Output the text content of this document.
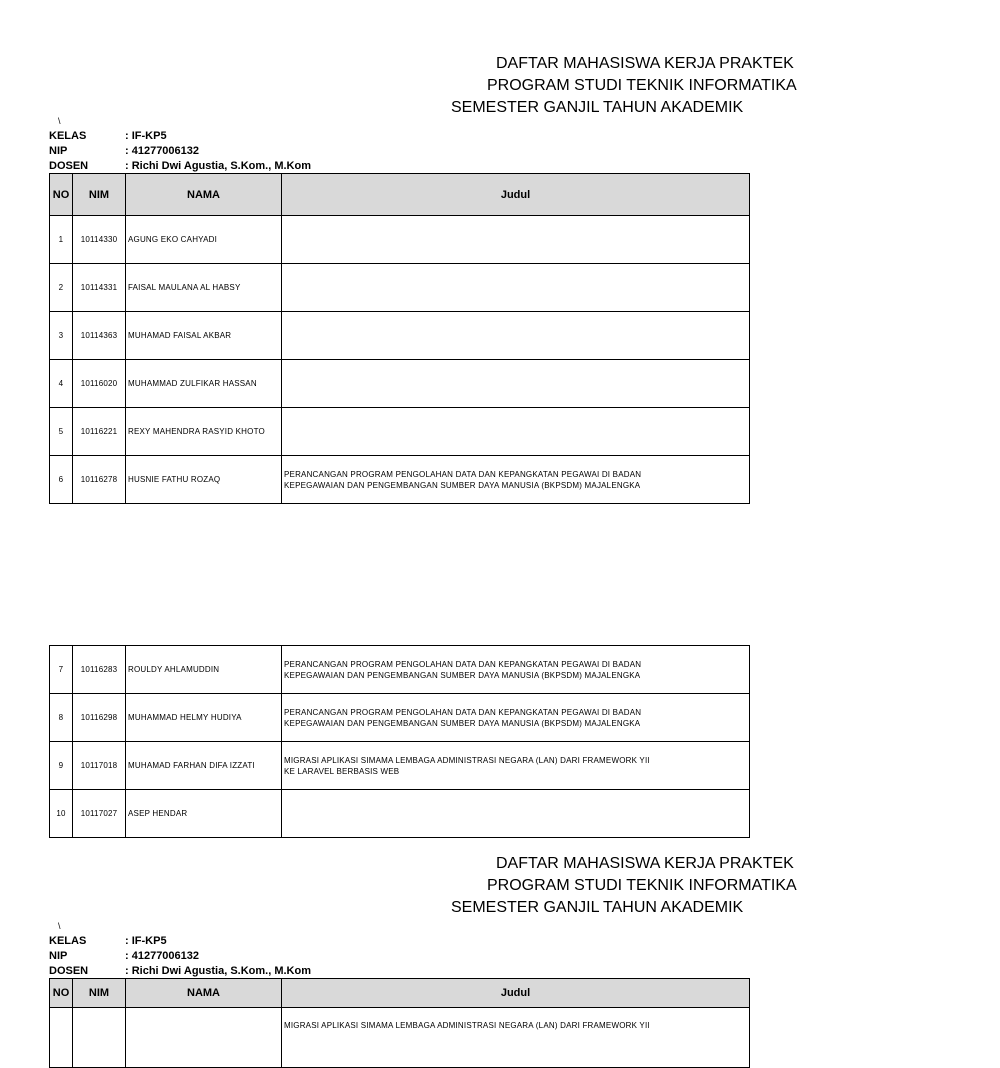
DAFTAR MAHASISWA KERJA PRAKTEK
PROGRAM STUDI TEKNIK INFORMATIKA
SEMESTER GANJIL TAHUN AKADEMIK
\
KELAS	: IF-KP5
NIP	: 41277006132
DOSEN	: Richi Dwi Agustia, S.Kom., M.Kom
NO	NIM	NAMA	Judul
1	10114330	AGUNG EKO CAHYADI	

2	10114331	FAISAL MAULANA AL HABSY	

3	10114363	MUHAMAD FAISAL AKBAR	

4	10116020	MUHAMMAD ZULFIKAR HASSAN	

5	10116221	REXY MAHENDRA RASYID KHOTO	

6	10116278	HUSNIE FATHU ROZAQ	PERANCANGAN PROGRAM PENGOLAHAN DATA DAN KEPANGKATAN PEGAWAI DI BADAN
KEPEGAWAIAN DAN PENGEMBANGAN SUMBER DAYA MANUSIA (BKPSDM) MAJALENGKA
7	10116283	ROULDY AHLAMUDDIN	PERANCANGAN PROGRAM PENGOLAHAN DATA DAN KEPANGKATAN PEGAWAI DI BADAN
KEPEGAWAIAN DAN PENGEMBANGAN SUMBER DAYA MANUSIA (BKPSDM) MAJALENGKA

8	10116298	MUHAMMAD HELMY HUDIYA	PERANCANGAN PROGRAM PENGOLAHAN DATA DAN KEPANGKATAN PEGAWAI DI BADAN
KEPEGAWAIAN DAN PENGEMBANGAN SUMBER DAYA MANUSIA (BKPSDM) MAJALENGKA

9	10117018	MUHAMAD FARHAN DIFA IZZATI	MIGRASI APLIKASI SIMAMA LEMBAGA ADMINISTRASI NEGARA (LAN) DARI FRAMEWORK YII
KE LARAVEL BERBASIS WEB

10	10117027	ASEP HENDAR	
DAFTAR MAHASISWA KERJA PRAKTEK
PROGRAM STUDI TEKNIK INFORMATIKA
SEMESTER GANJIL TAHUN AKADEMIK
\
KELAS	: IF-KP5
NIP	: 41277006132
DOSEN	: Richi Dwi Agustia, S.Kom., M.Kom
NO	NIM	NAMA	Judul

			MIGRASI APLIKASI SIMAMA LEMBAGA ADMINISTRASI NEGARA (LAN) DARI FRAMEWORK YII
